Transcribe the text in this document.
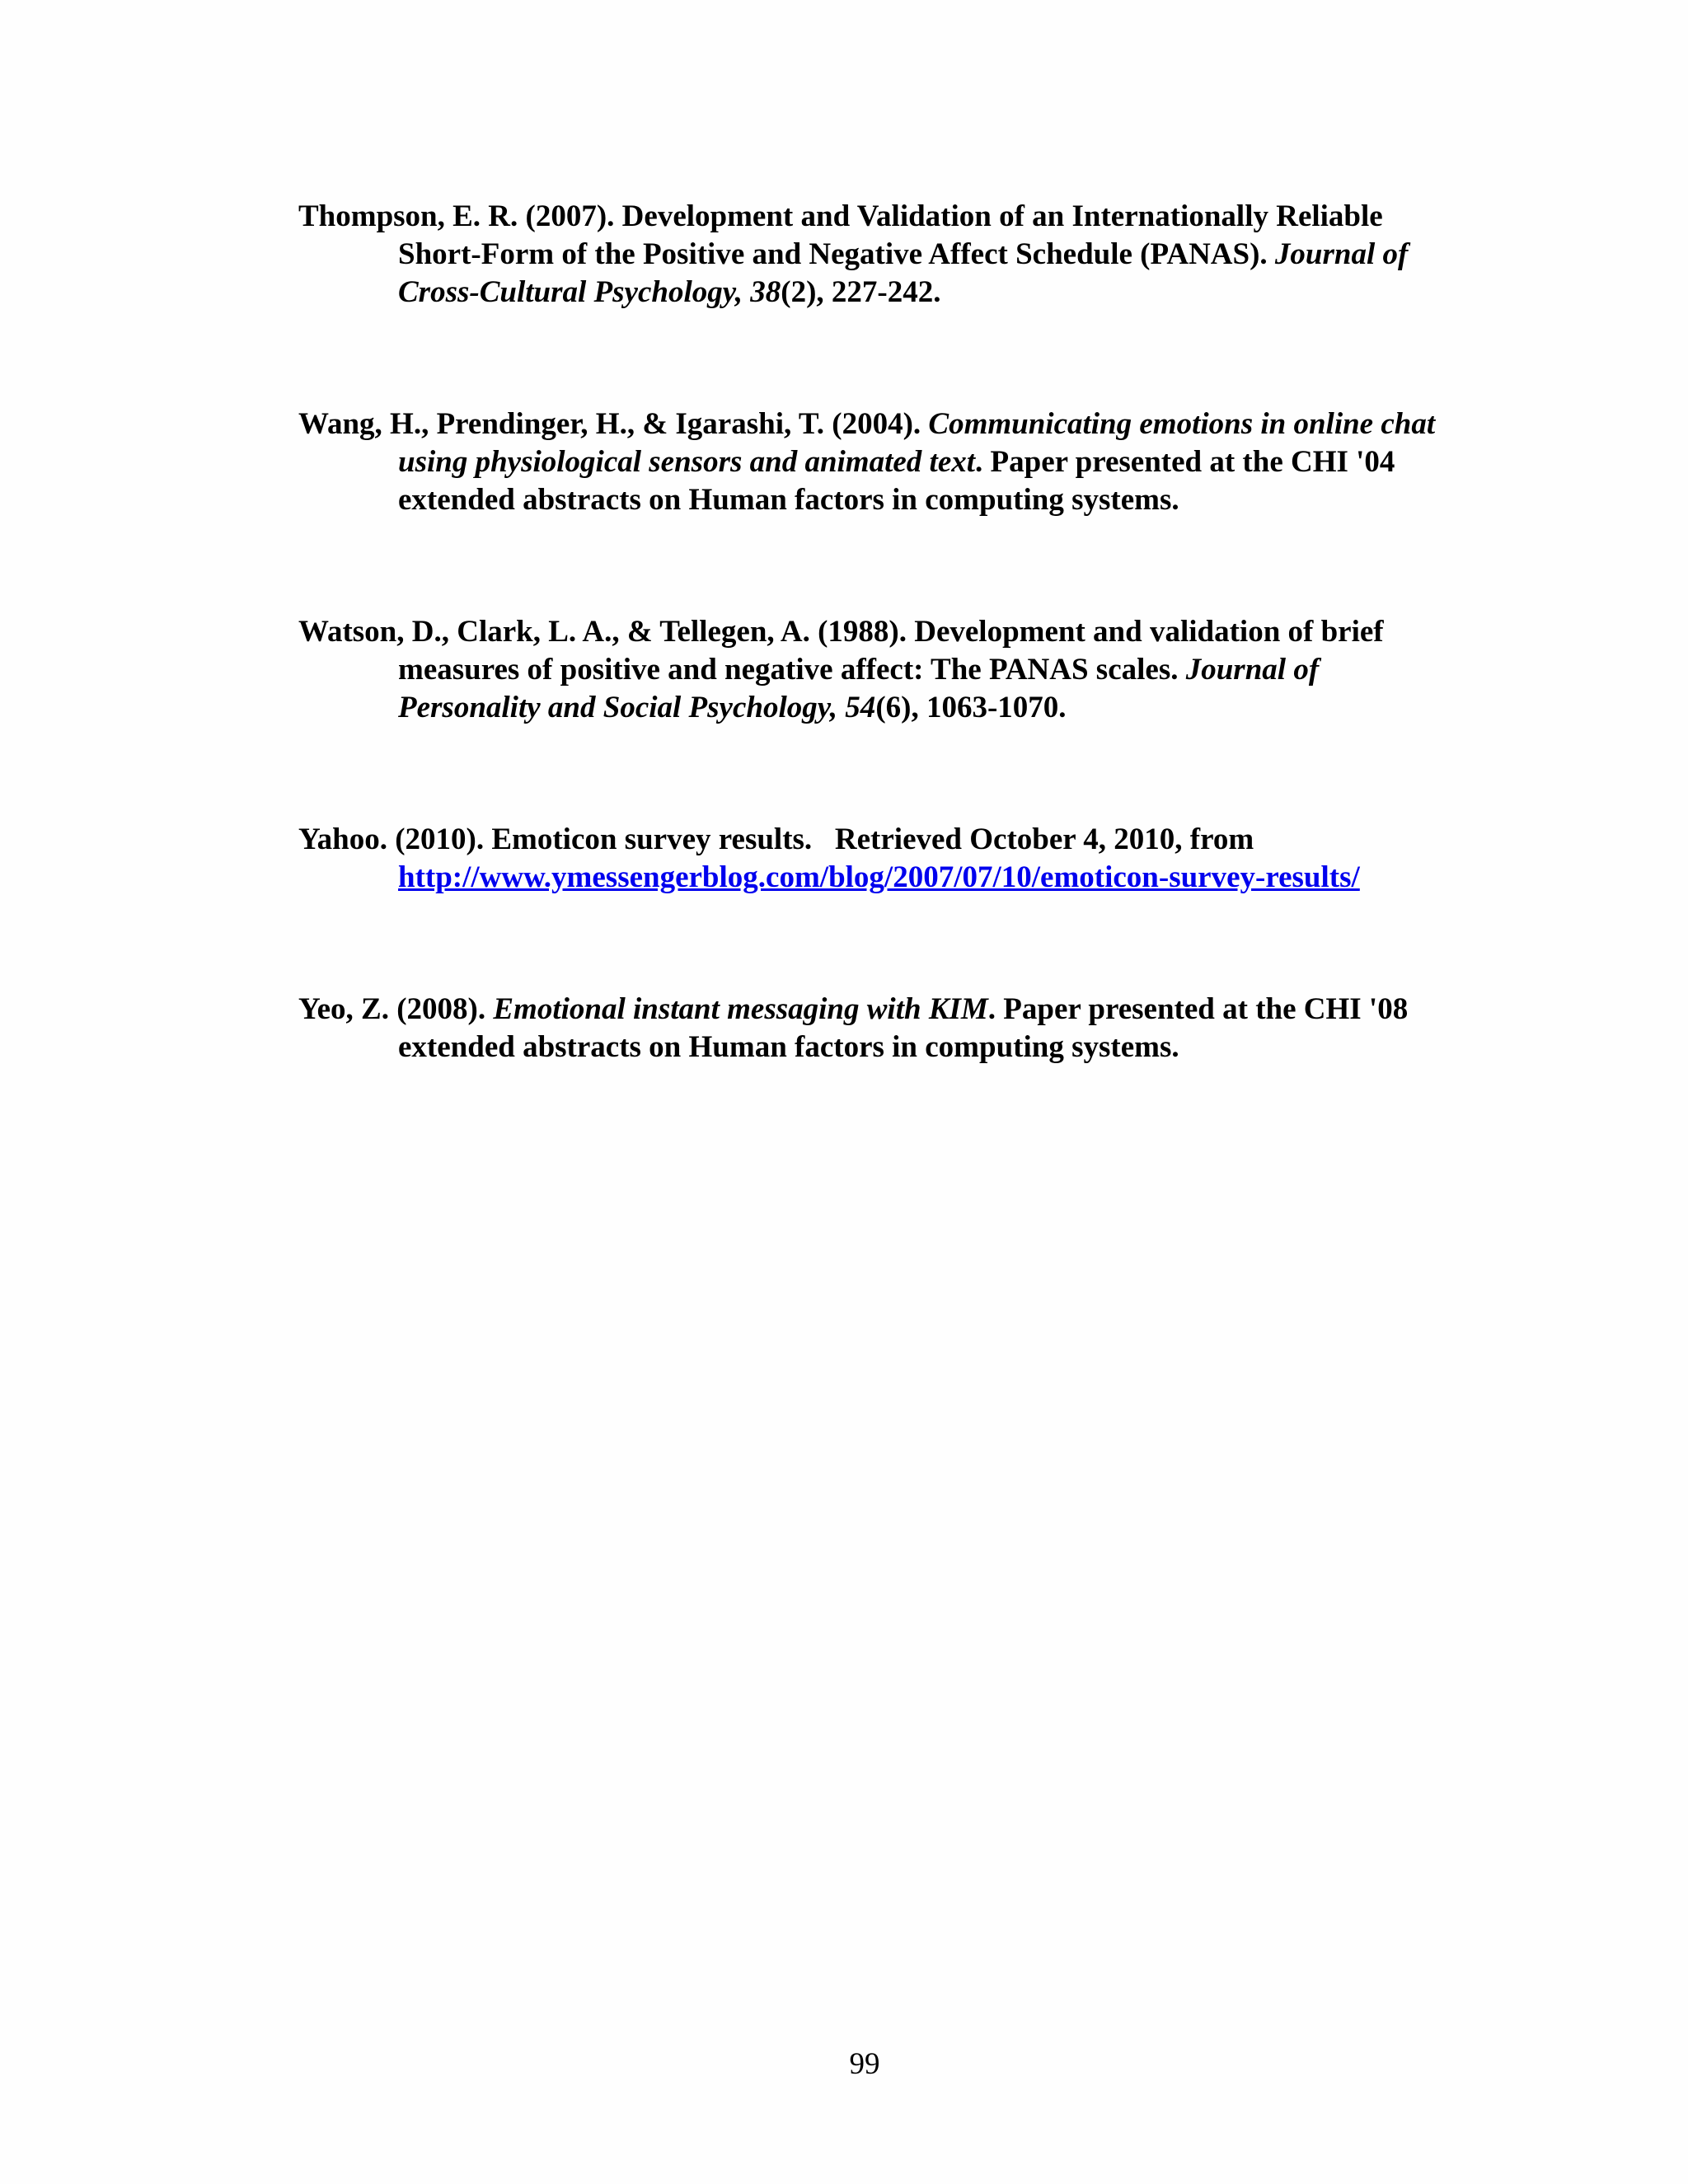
Thompson, E. R. (2007). Development and Validation of an Internationally Reliable Short-Form of the Positive and Negative Affect Schedule (PANAS). Journal of Cross-Cultural Psychology, 38(2), 227-242.

Wang, H., Prendinger, H., & Igarashi, T. (2004). Communicating emotions in online chat using physiological sensors and animated text. Paper presented at the CHI '04 extended abstracts on Human factors in computing systems.

Watson, D., Clark, L. A., & Tellegen, A. (1988). Development and validation of brief measures of positive and negative affect: The PANAS scales. Journal of Personality and Social Psychology, 54(6), 1063-1070.

Yahoo. (2010). Emoticon survey results.   Retrieved October 4, 2010, from http://www.ymessengerblog.com/blog/2007/07/10/emoticon-survey-results/

Yeo, Z. (2008). Emotional instant messaging with KIM. Paper presented at the CHI '08 extended abstracts on Human factors in computing systems.

99
